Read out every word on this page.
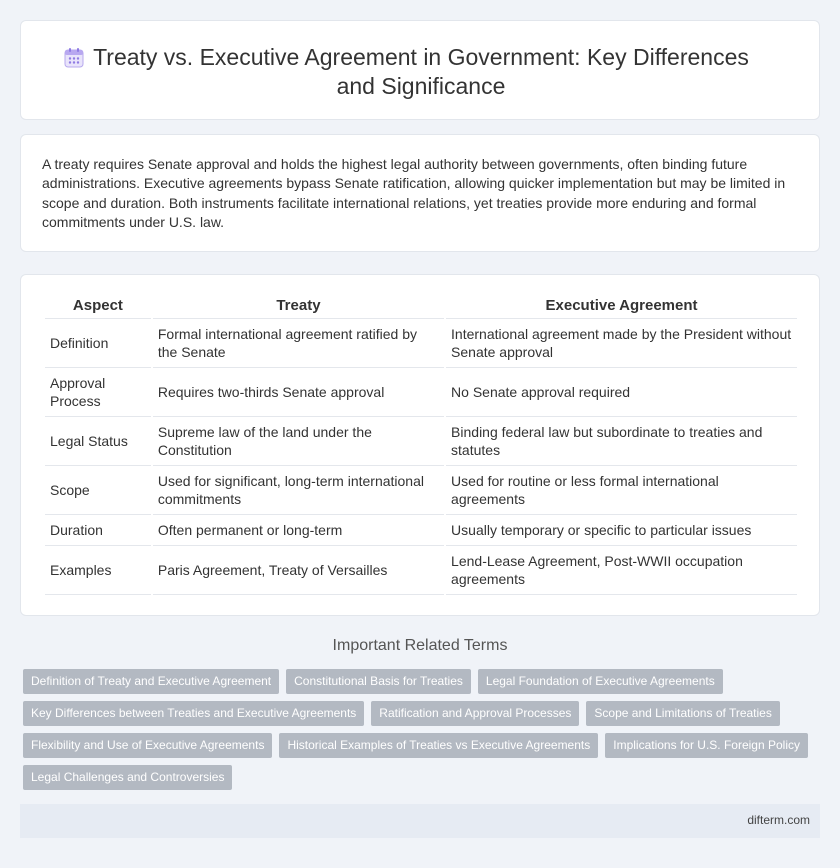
Treaty vs. Executive Agreement in Government: Key Differences
and Significance

A treaty requires Senate approval and holds the highest legal authority between governments, often binding future administrations. Executive agreements bypass Senate ratification, allowing quicker implementation but may be limited in scope and duration. Both instruments facilitate international relations, yet treaties provide more enduring and formal commitments under U.S. law.

Aspect	Treaty	Executive Agreement
Definition	Formal international agreement ratified by the Senate	International agreement made by the President without Senate approval
Approval Process	Requires two-thirds Senate approval	No Senate approval required
Legal Status	Supreme law of the land under the Constitution	Binding federal law but subordinate to treaties and statutes
Scope	Used for significant, long-term international commitments	Used for routine or less formal international agreements
Duration	Often permanent or long-term	Usually temporary or specific to particular issues
Examples	Paris Agreement, Treaty of Versailles	Lend-Lease Agreement, Post-WWII occupation agreements
Important Related Terms
Definition of Treaty and Executive Agreement	Constitutional Basis for Treaties	Legal Foundation of Executive Agreements
Key Differences between Treaties and Executive Agreements	Ratification and Approval Processes	Scope and Limitations of Treaties
Flexibility and Use of Executive Agreements	Historical Examples of Treaties vs Executive Agreements	Implications for U.S. Foreign Policy
Legal Challenges and Controversies
difterm.com
